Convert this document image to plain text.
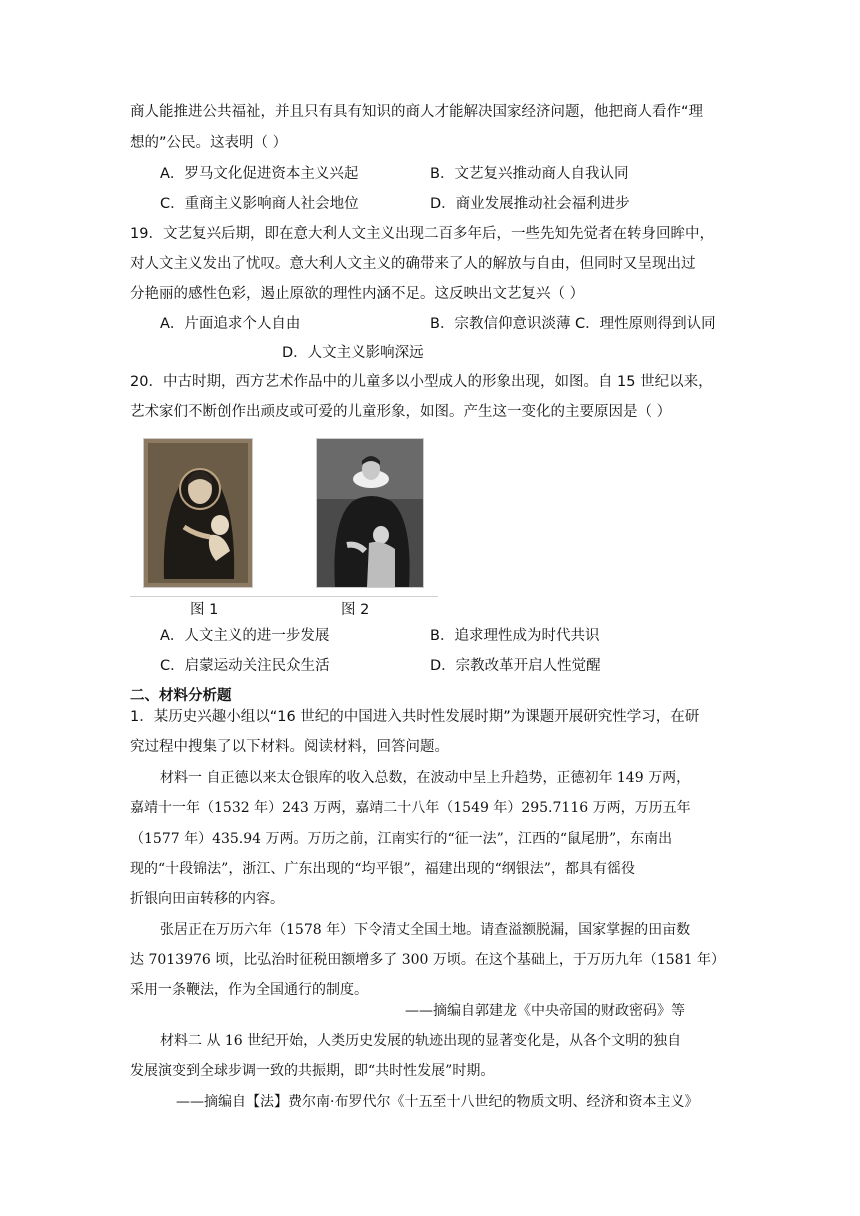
商人能推进公共福祉，并且只有具有知识的商人才能解决国家经济问题，他把商人看作“理
想的”公民。这表明（ ）
A．罗马文化促进资本主义兴起	B．文艺复兴推动商人自我认同
C．重商主义影响商人社会地位	D．商业发展推动社会福利进步
19．文艺复兴后期，即在意大利人文主义出现二百多年后，一些先知先觉者在转身回眸中，
对人文主义发出了忧叹。意大利人文主义的确带来了人的解放与自由，但同时又呈现出过
分艳丽的感性色彩，遏止原欲的理性内涵不足。这反映出文艺复兴（ ）
A．片面追求个人自由	B．宗教信仰意识淡薄 C．理性原则得到认同
D．人文主义影响深远
20．中古时期，西方艺术作品中的儿童多以小型成人的形象出现，如图。自 15 世纪以来，
艺术家们不断创作出顽皮或可爱的儿童形象，如图。产生这一变化的主要原因是（ ）
图 1	图 2
A．人文主义的进一步发展	B．追求理性成为时代共识
C．启蒙运动关注民众生活	D．宗教改革开启人性觉醒
二、材料分析题
1．某历史兴趣小组以“16 世纪的中国进入共时性发展时期”为课题开展研究性学习，在研
究过程中搜集了以下材料。阅读材料，回答问题。
材料一 自正德以来太仓银库的收入总数，在波动中呈上升趋势，正德初年 149 万两，
嘉靖十一年（1532 年）243 万两，嘉靖二十八年（1549 年）295.7116 万两，万历五年
（1577 年）435.94 万两。万历之前，江南实行的“征一法”，江西的“鼠尾册”，东南出
现的“十段锦法”，浙江、广东出现的“均平银”，福建出现的“纲银法”，都具有徭役
折银向田亩转移的内容。
张居正在万历六年（1578 年）下令清丈全国土地。请查溢额脱漏，国家掌握的田亩数
达 7013976 顷，比弘治时征税田额增多了 300 万顷。在这个基础上，于万历九年（1581 年）
采用一条鞭法，作为全国通行的制度。
——摘编自郭建龙《中央帝国的财政密码》等
材料二 从 16 世纪开始，人类历史发展的轨迹出现的显著变化是，从各个文明的独自
发展演变到全球步调一致的共振期，即“共时性发展”时期。
——摘编自【法】费尔南·布罗代尔《十五至十八世纪的物质文明、经济和资本主义》
